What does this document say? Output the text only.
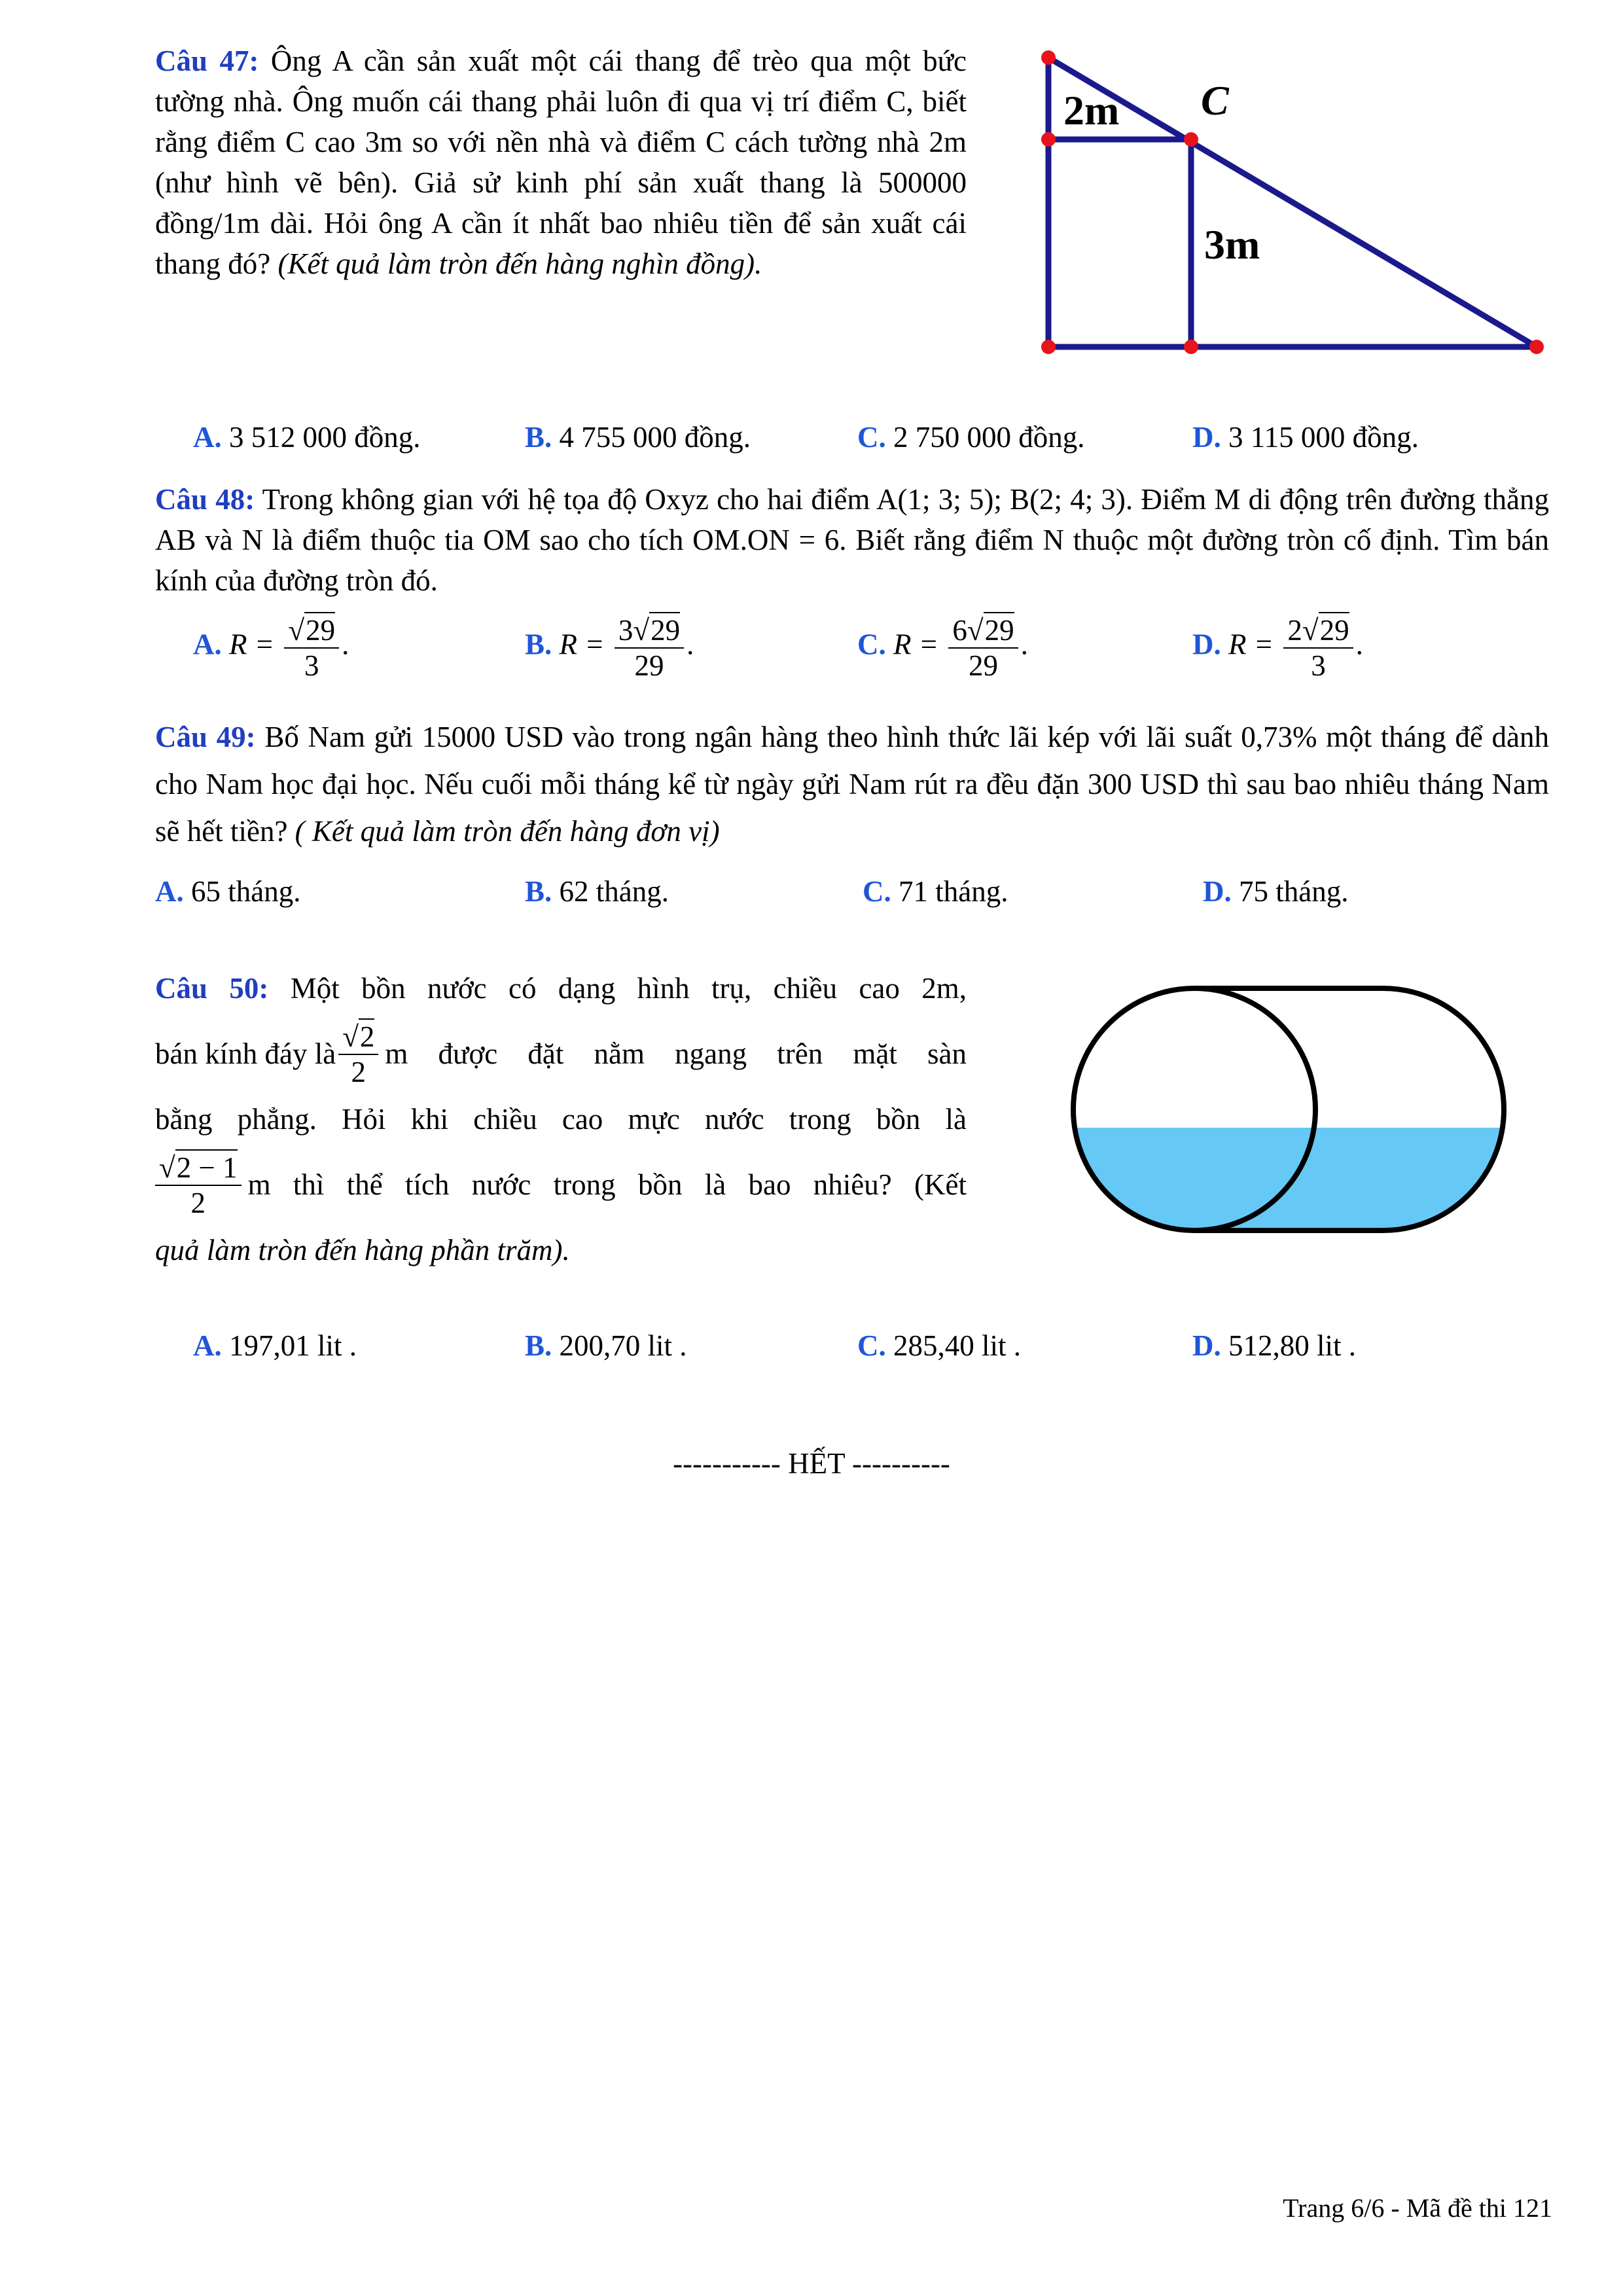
Câu 47: Ông A cần sản xuất một cái thang để trèo qua một bức tường nhà. Ông muốn cái thang phải luôn đi qua vị trí điểm C, biết rằng điểm C cao 3m so với nền nhà và điểm C cách tường nhà 2m (như hình vẽ bên). Giả sử kinh phí sản xuất thang là 500000 đồng/1m dài. Hỏi ông A cần ít nhất bao nhiêu tiền để sản xuất cái thang đó? (Kết quả làm tròn đến hàng nghìn đồng).
2m C
3m
A. 3 512 000 đồng.	B. 4 755 000 đồng.	C. 2 750 000 đồng.	D. 3 115 000 đồng.
Câu 48: Trong không gian với hệ tọa độ Oxyz cho hai điểm A(1; 3; 5); B(2; 4; 3). Điểm M di động trên đường thẳng AB và N là điểm thuộc tia OM sao cho tích OM.ON = 6. Biết rằng điểm N thuộc một đường tròn cố định. Tìm bán kính của đường tròn đó.
A. $R = \frac{√29}{3}$ .	B. $R = \frac{3√29}{29}$ .	C. $R = \frac{6√29}{29}$ .	D. $R = \frac{2√29}{3}$ .
Câu 49: Bố Nam gửi 15000 USD vào trong ngân hàng theo hình thức lãi kép với lãi suất 0,73% một tháng để dành cho Nam học đại học. Nếu cuối mỗi tháng kể từ ngày gửi Nam rút ra đều đặn 300 USD thì sau bao nhiêu tháng Nam sẽ hết tiền? ( Kết quả làm tròn đến hàng đơn vị)
A. 65 tháng.	B. 62 tháng.	C. 71 tháng.	D. 75 tháng.
Câu 50: Một bồn nước có dạng hình trụ, chiều cao 2m,
bán kính đáy là $\frac{√2}{2}$ m được đặt nằm ngang trên mặt sàn
bằng phẳng. Hỏi khi chiều cao mực nước trong bồn là
$\frac{√2 - 1}{2}$ m thì thể tích nước trong bồn là bao nhiêu? (Kết
quả làm tròn đến hàng phần trăm).
A. 197,01 lit .	B. 200,70 lit .	C. 285,40 lit .	D. 512,80 lit .
----------- HẾT ----------
Trang 6/6 - Mã đề thi 121
